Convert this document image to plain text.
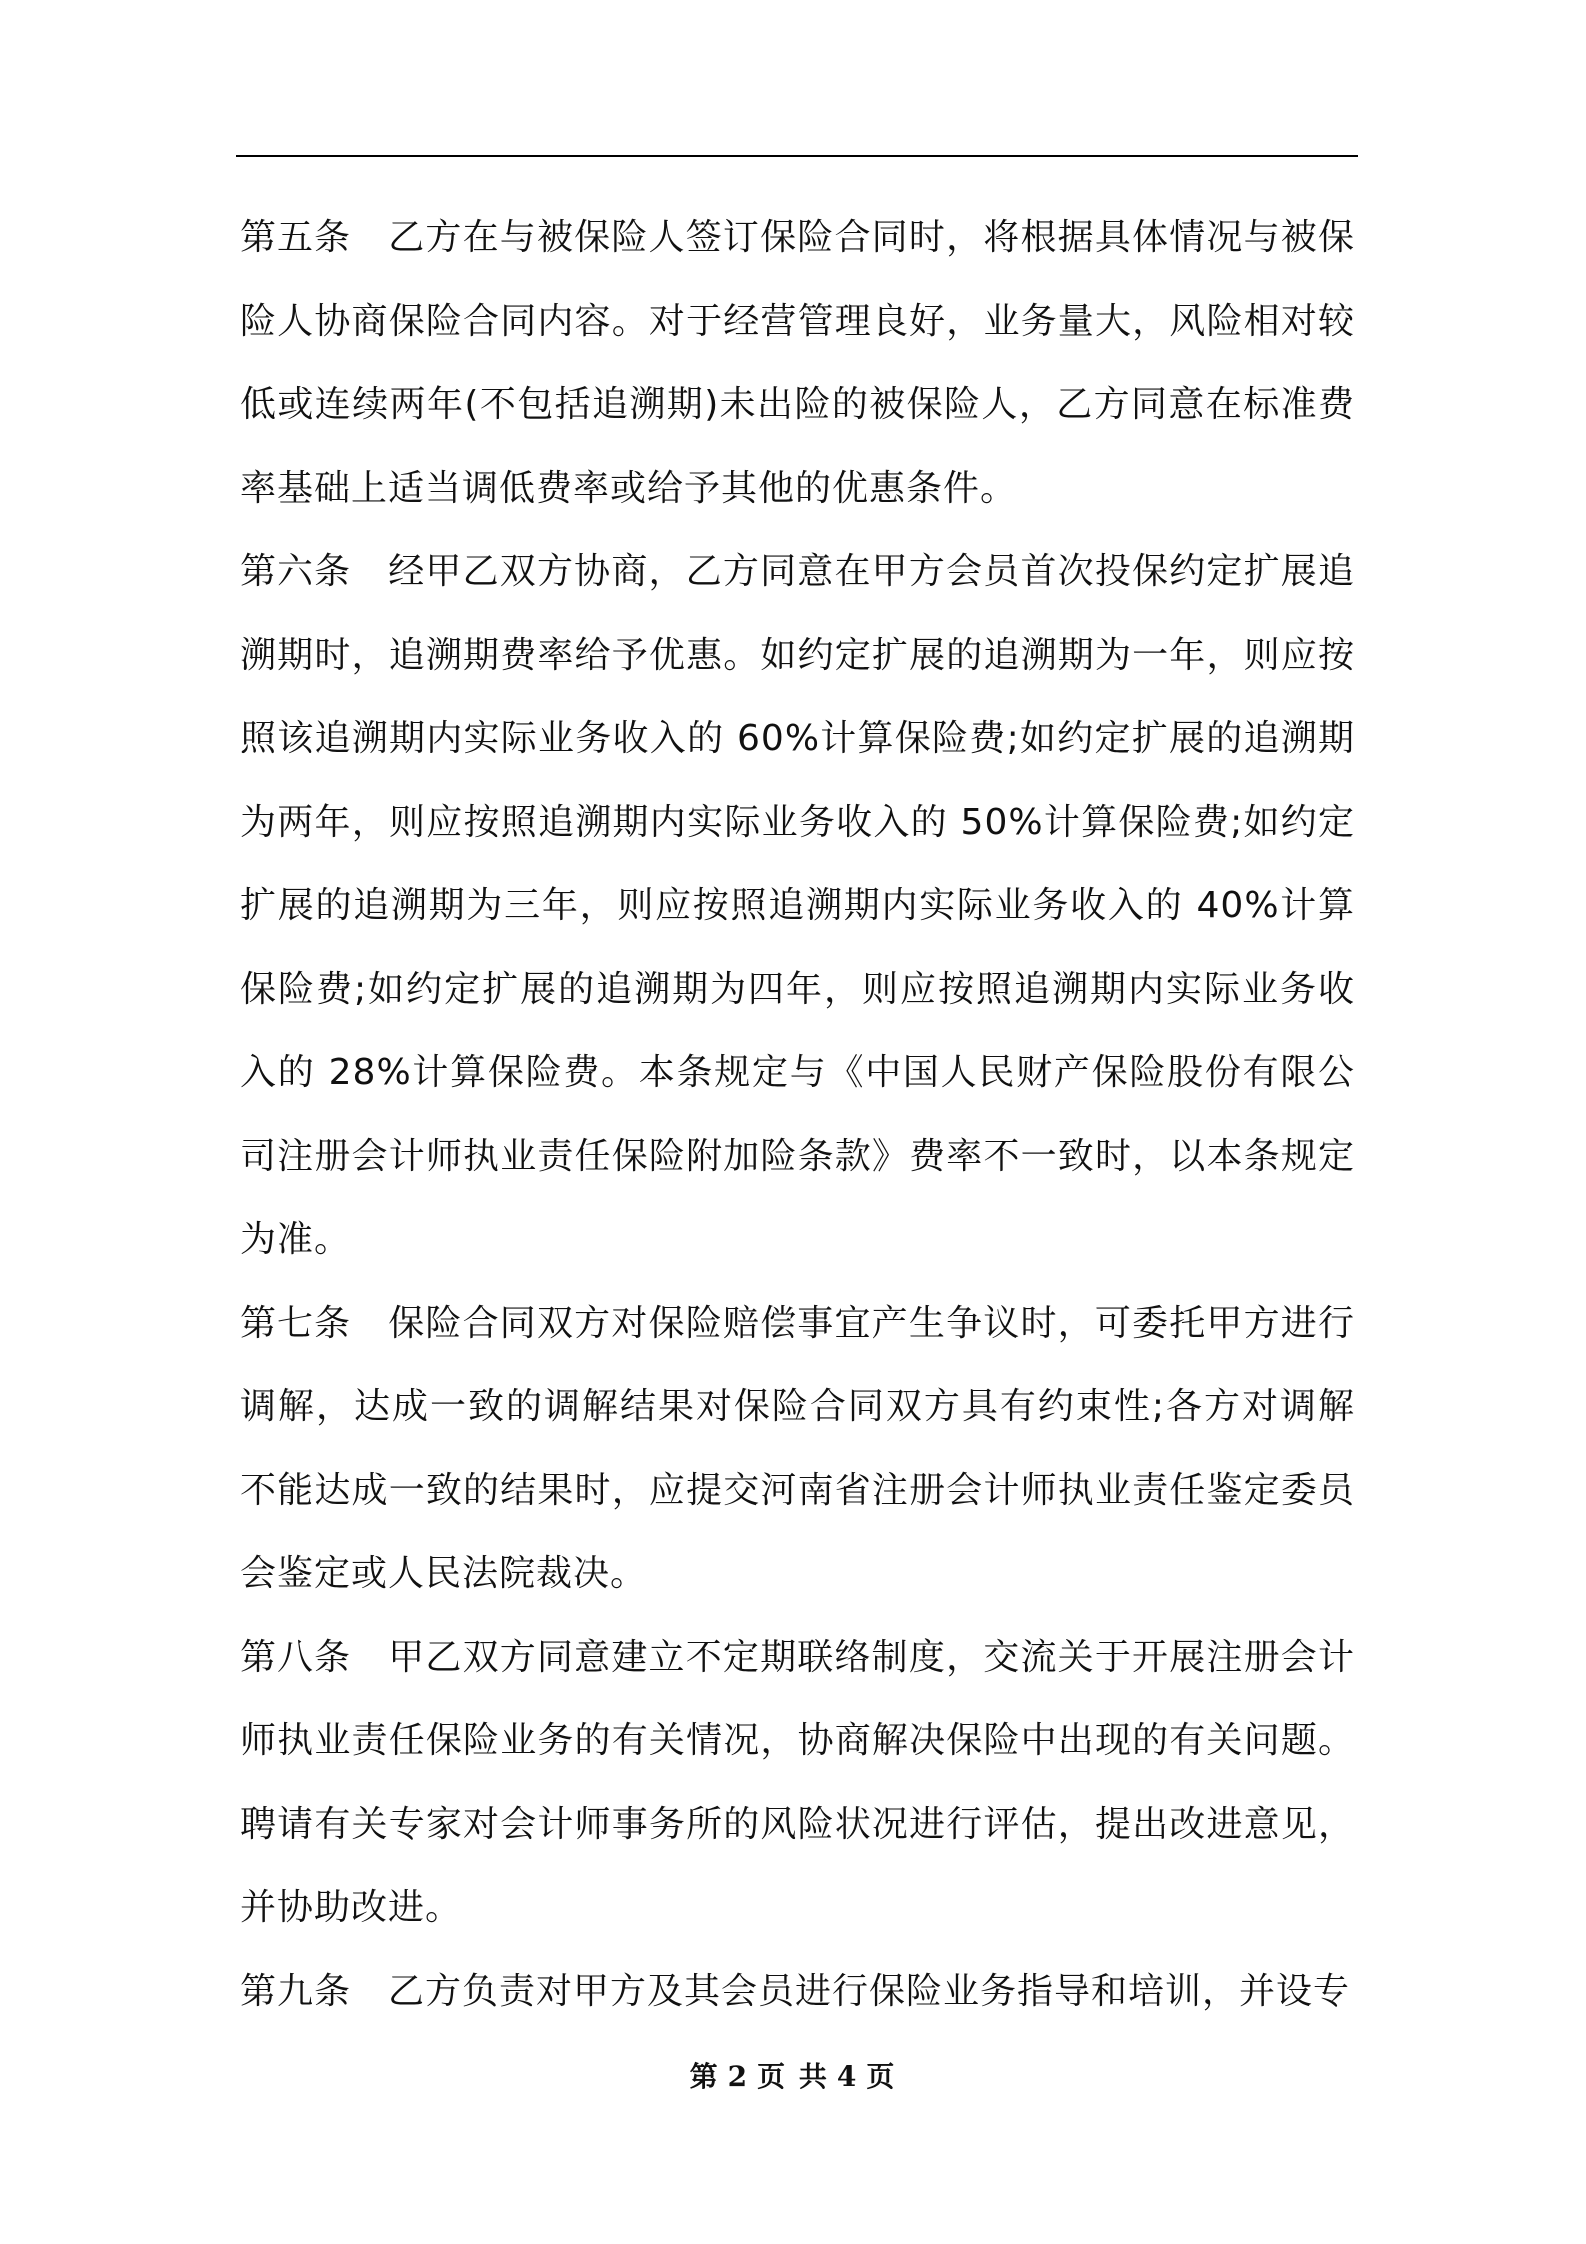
第五条 乙方在与被保险人签订保险合同时，将根据具体情况与被保险人协商保险合同内容。对于经营管理良好，业务量大，风险相对较低或连续两年(不包括追溯期)未出险的被保险人，乙方同意在标准费率基础上适当调低费率或给予其他的优惠条件。

第六条 经甲乙双方协商，乙方同意在甲方会员首次投保约定扩展追溯期时，追溯期费率给予优惠。如约定扩展的追溯期为一年，则应按照该追溯期内实际业务收入的 60%计算保险费;如约定扩展的追溯期为两年，则应按照追溯期内实际业务收入的 50%计算保险费;如约定扩展的追溯期为三年，则应按照追溯期内实际业务收入的 40%计算保险费;如约定扩展的追溯期为四年，则应按照追溯期内实际业务收入的 28%计算保险费。本条规定与《中国人民财产保险股份有限公司注册会计师执业责任保险附加险条款》费率不一致时，以本条规定为准。

第七条 保险合同双方对保险赔偿事宜产生争议时，可委托甲方进行调解，达成一致的调解结果对保险合同双方具有约束性;各方对调解不能达成一致的结果时，应提交河南省注册会计师执业责任鉴定委员会鉴定或人民法院裁决。

第八条 甲乙双方同意建立不定期联络制度，交流关于开展注册会计师执业责任保险业务的有关情况，协商解决保险中出现的有关问题。聘请有关专家对会计师事务所的风险状况进行评估，提出改进意见，并协助改进。

第九条 乙方负责对甲方及其会员进行保险业务指导和培训，并设专

第 2 页 共 4 页
